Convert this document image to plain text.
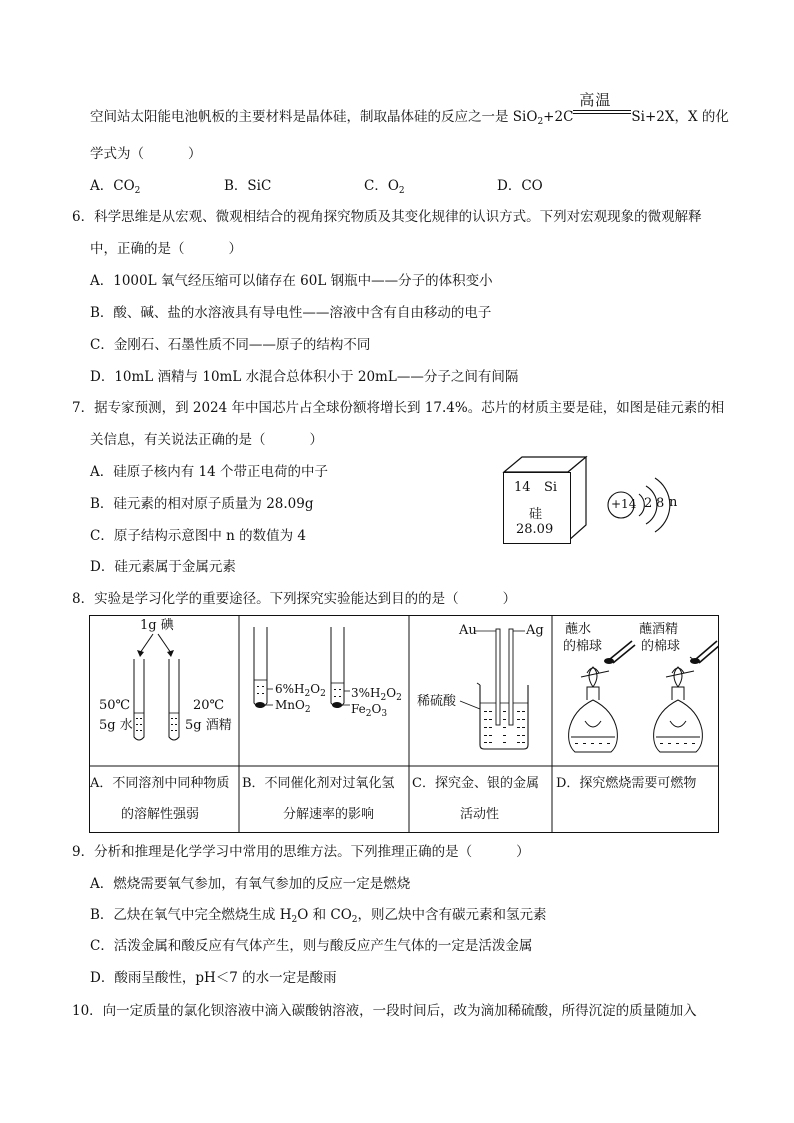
空间站太阳能电池帆板的主要材料是晶体硅，制取晶体硅的反应之一是 SiO$_2$+2C
高温
Si+2X，X 的化
学式为（	）
A．$CO_2$	B．SiC	C．$O_2$	D．CO
6．科学思维是从宏观、微观相结合的视角探究物质及其变化规律的认识方式。下列对宏观现象的微观解释
中，正确的是（	）
A．1000L 氧气经压缩可以储存在 60L 钢瓶中——分子的体积变小
B．酸、碱、盐的水溶液具有导电性——溶液中含有自由移动的电子
C．金刚石、石墨性质不同——原子的结构不同
D．10mL 酒精与 10mL 水混合总体积小于 20mL——分子之间有间隔
7．据专家预测，到 2024 年中国芯片占全球份额将增长到 17.4%。芯片的材质主要是硅，如图是硅元素的相
关信息，有关说法正确的是（	）
A．硅原子核内有 14 个带正电荷的中子
B．硅元素的相对原子质量为 28.09g
C．原子结构示意图中 n 的数值为 4
D．硅元素属于金属元素
14 Si
硅
28.09
+14 2 8 n
8．实验是学习化学的重要途径。下列探究实验能达到目的的是（	）
1g 碘
50℃
5g 水
20℃
5g 酒精
$6\%H_2O_2$
MnO$_2$
$3\%H_2O_2$
$Fe_2O_3$
Au	Ag
稀硫酸
蘸水
的棉球
蘸酒精
的棉球
A．不同溶剂中同种物质
的溶解性强弱
B．不同催化剂对过氧化氢
分解速率的影响
C．探究金、银的金属
活动性
D．探究燃烧需要可燃物
9．分析和推理是化学学习中常用的思维方法。下列推理正确的是（	）
A．燃烧需要氧气参加，有氧气参加的反应一定是燃烧
B．乙炔在氧气中完全燃烧生成 $H_2O$ 和 $CO_2$，则乙炔中含有碳元素和氢元素
C．活泼金属和酸反应有气体产生，则与酸反应产生气体的一定是活泼金属
D．酸雨呈酸性，pH＜7 的水一定是酸雨
10．向一定质量的氯化钡溶液中滴入碳酸钠溶液，一段时间后，改为滴加稀硫酸，所得沉淀的质量随加入
